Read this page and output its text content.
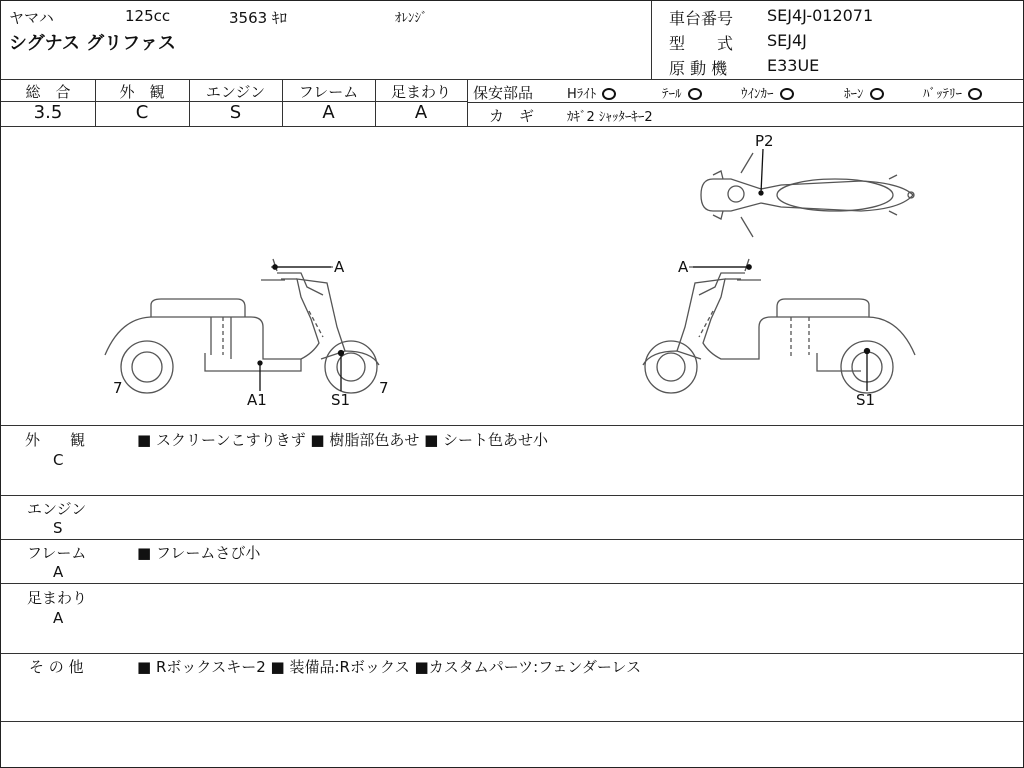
ヤマハ	125cc	3563 ｷﾛ	ｵﾚﾝｼﾞ
シグナス グリファス
車台番号 SEJ4J-012071
型　　式 SEJ4J
原 動 機 E33UE
総　合
3.5
外　観
C
エンジン
S
フレーム
A
足まわり
A
保安部品	Hﾗｲﾄ	ﾃｰﾙ	ｳｲﾝｶｰ	ﾎｰﾝ	ﾊﾞｯﾃﾘｰ
カ　ギ	ｶｷﾞ2 ｼｬｯﾀｰｷｰ2
P2
A
A1	S1
7	7
A
S1
外　　観
C
■ スクリーンこすりきず ■ 樹脂部色あせ ■ シート色あせ小
エンジン
S
フレーム
A
■ フレームさび小
足まわり
A
そ の 他	■ Rボックスキー2 ■ 装備品:Rボックス ■カスタムパーツ:フェンダーレス
